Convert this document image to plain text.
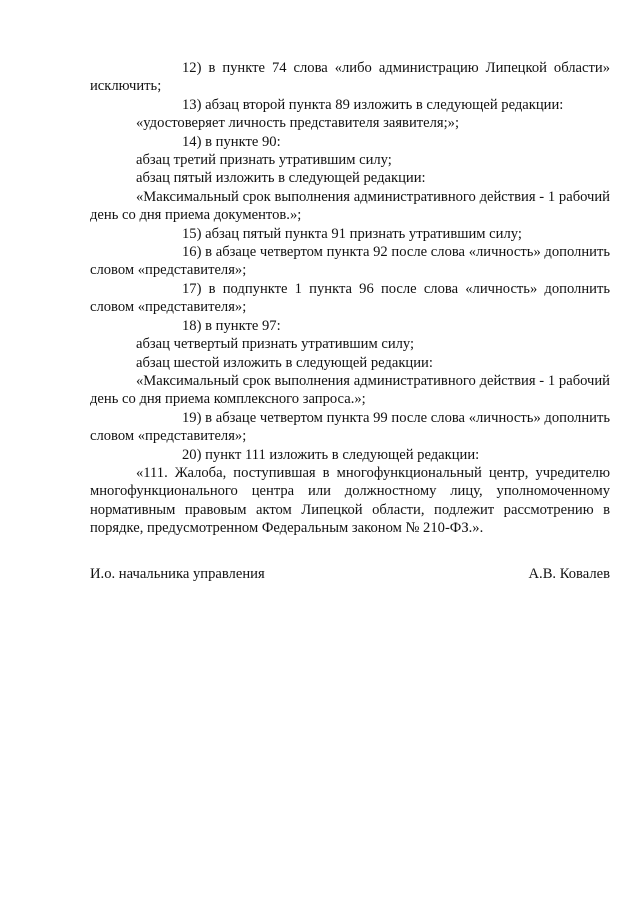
12) в пункте 74 слова «либо администрацию Липецкой области» исключить;

13) абзац второй пункта 89 изложить в следующей редакции:

«удостоверяет личность представителя заявителя;»;

14) в пункте 90:

абзац третий признать утратившим силу;

абзац пятый изложить в следующей редакции:

«Максимальный срок выполнения административного действия - 1 рабочий день со дня приема документов.»;

15) абзац пятый пункта 91 признать утратившим силу;

16) в абзаце четвертом пункта 92 после слова «личность» дополнить словом «представителя»;

17) в подпункте 1 пункта 96 после слова «личность» дополнить словом «представителя»;

18) в пункте 97:

абзац четвертый признать утратившим силу;

абзац шестой изложить в следующей редакции:

«Максимальный срок выполнения административного действия - 1 рабочий день со дня приема комплексного запроса.»;

19) в абзаце четвертом пункта 99 после слова «личность» дополнить словом «представителя»;

20) пункт 111 изложить в следующей редакции:

«111. Жалоба, поступившая в многофункциональный центр, учредителю многофункционального центра или должностному лицу, уполномоченному нормативным правовым актом Липецкой области, подлежит рассмотрению в порядке, предусмотренном Федеральным законом № 210-ФЗ.».

И.о. начальника управления	А.В. Ковалев
